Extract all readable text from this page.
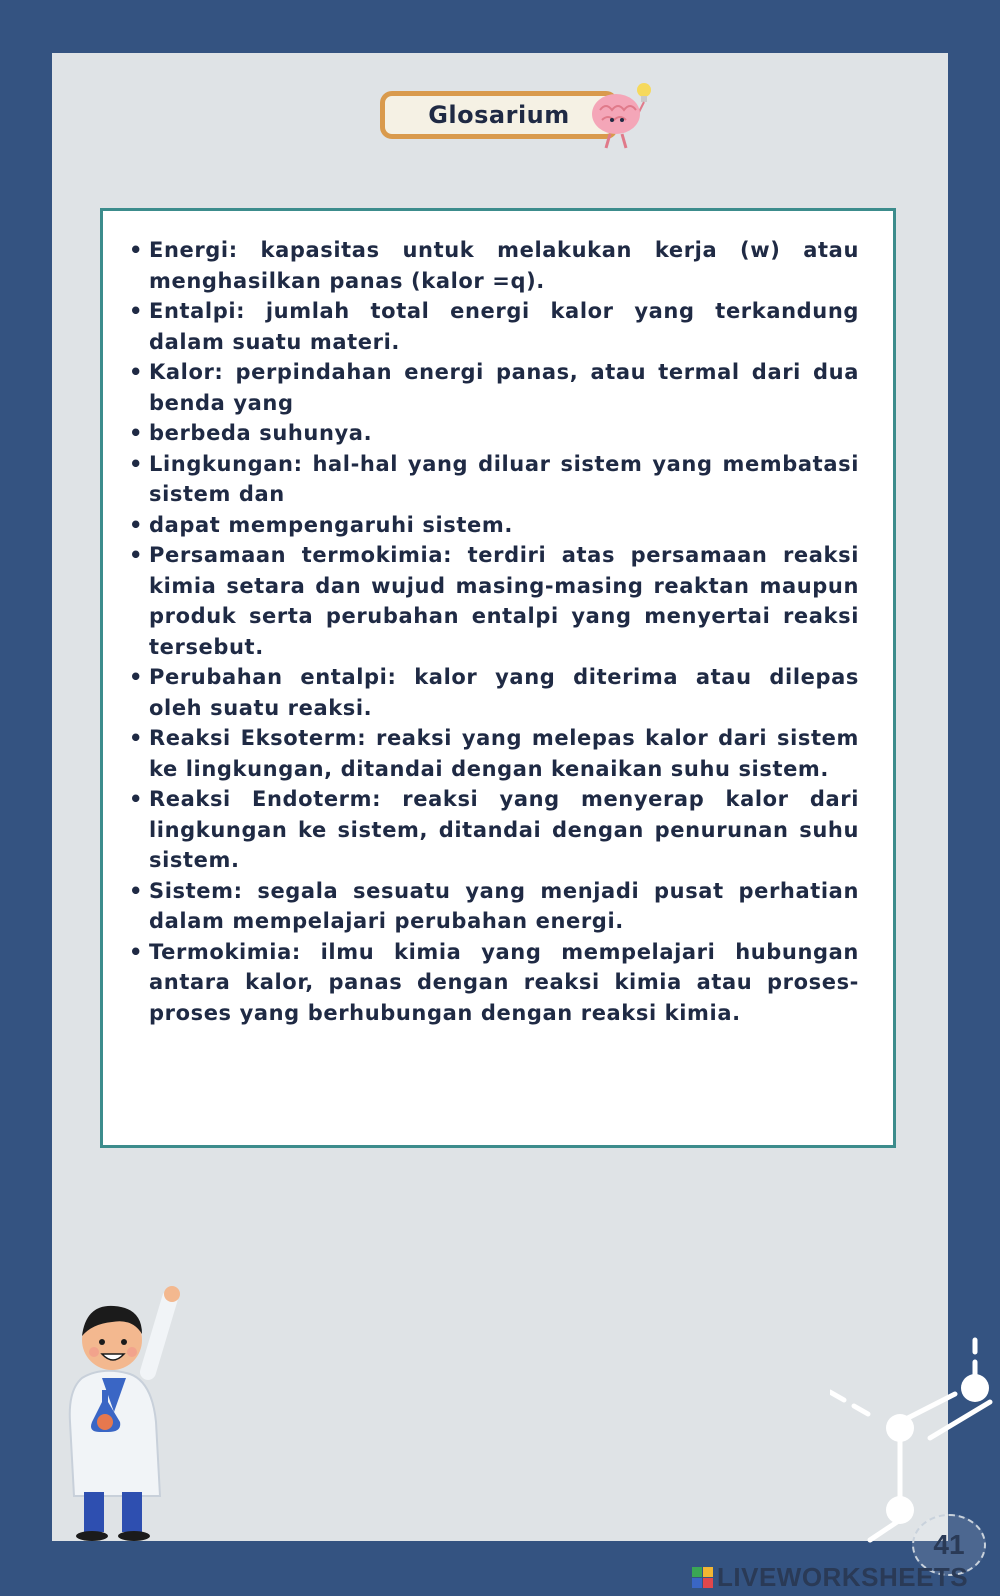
Glosarium
• Energi: kapasitas untuk melakukan kerja (w) atau menghasilkan panas (kalor =q).
• Entalpi: jumlah total energi kalor yang terkandung dalam suatu materi.
• Kalor: perpindahan energi panas, atau termal dari dua benda yang
• berbeda suhunya.
• Lingkungan: hal-hal yang diluar sistem yang membatasi sistem dan
• dapat mempengaruhi sistem.
• Persamaan termokimia: terdiri atas persamaan reaksi kimia setara dan wujud masing-masing reaktan maupun produk serta perubahan entalpi yang menyertai reaksi tersebut.
• Perubahan entalpi: kalor yang diterima atau dilepas oleh suatu reaksi.
• Reaksi Eksoterm: reaksi yang melepas kalor dari sistem ke lingkungan, ditandai dengan kenaikan suhu sistem.
• Reaksi Endoterm: reaksi yang menyerap kalor dari lingkungan ke sistem, ditandai dengan penurunan suhu sistem.
• Sistem: segala sesuatu yang menjadi pusat perhatian dalam mempelajari perubahan energi.
• Termokimia: ilmu kimia yang mempelajari hubungan antara kalor, panas dengan reaksi kimia atau proses-proses yang berhubungan dengan reaksi kimia.
41
LIVEWORKSHEETS
